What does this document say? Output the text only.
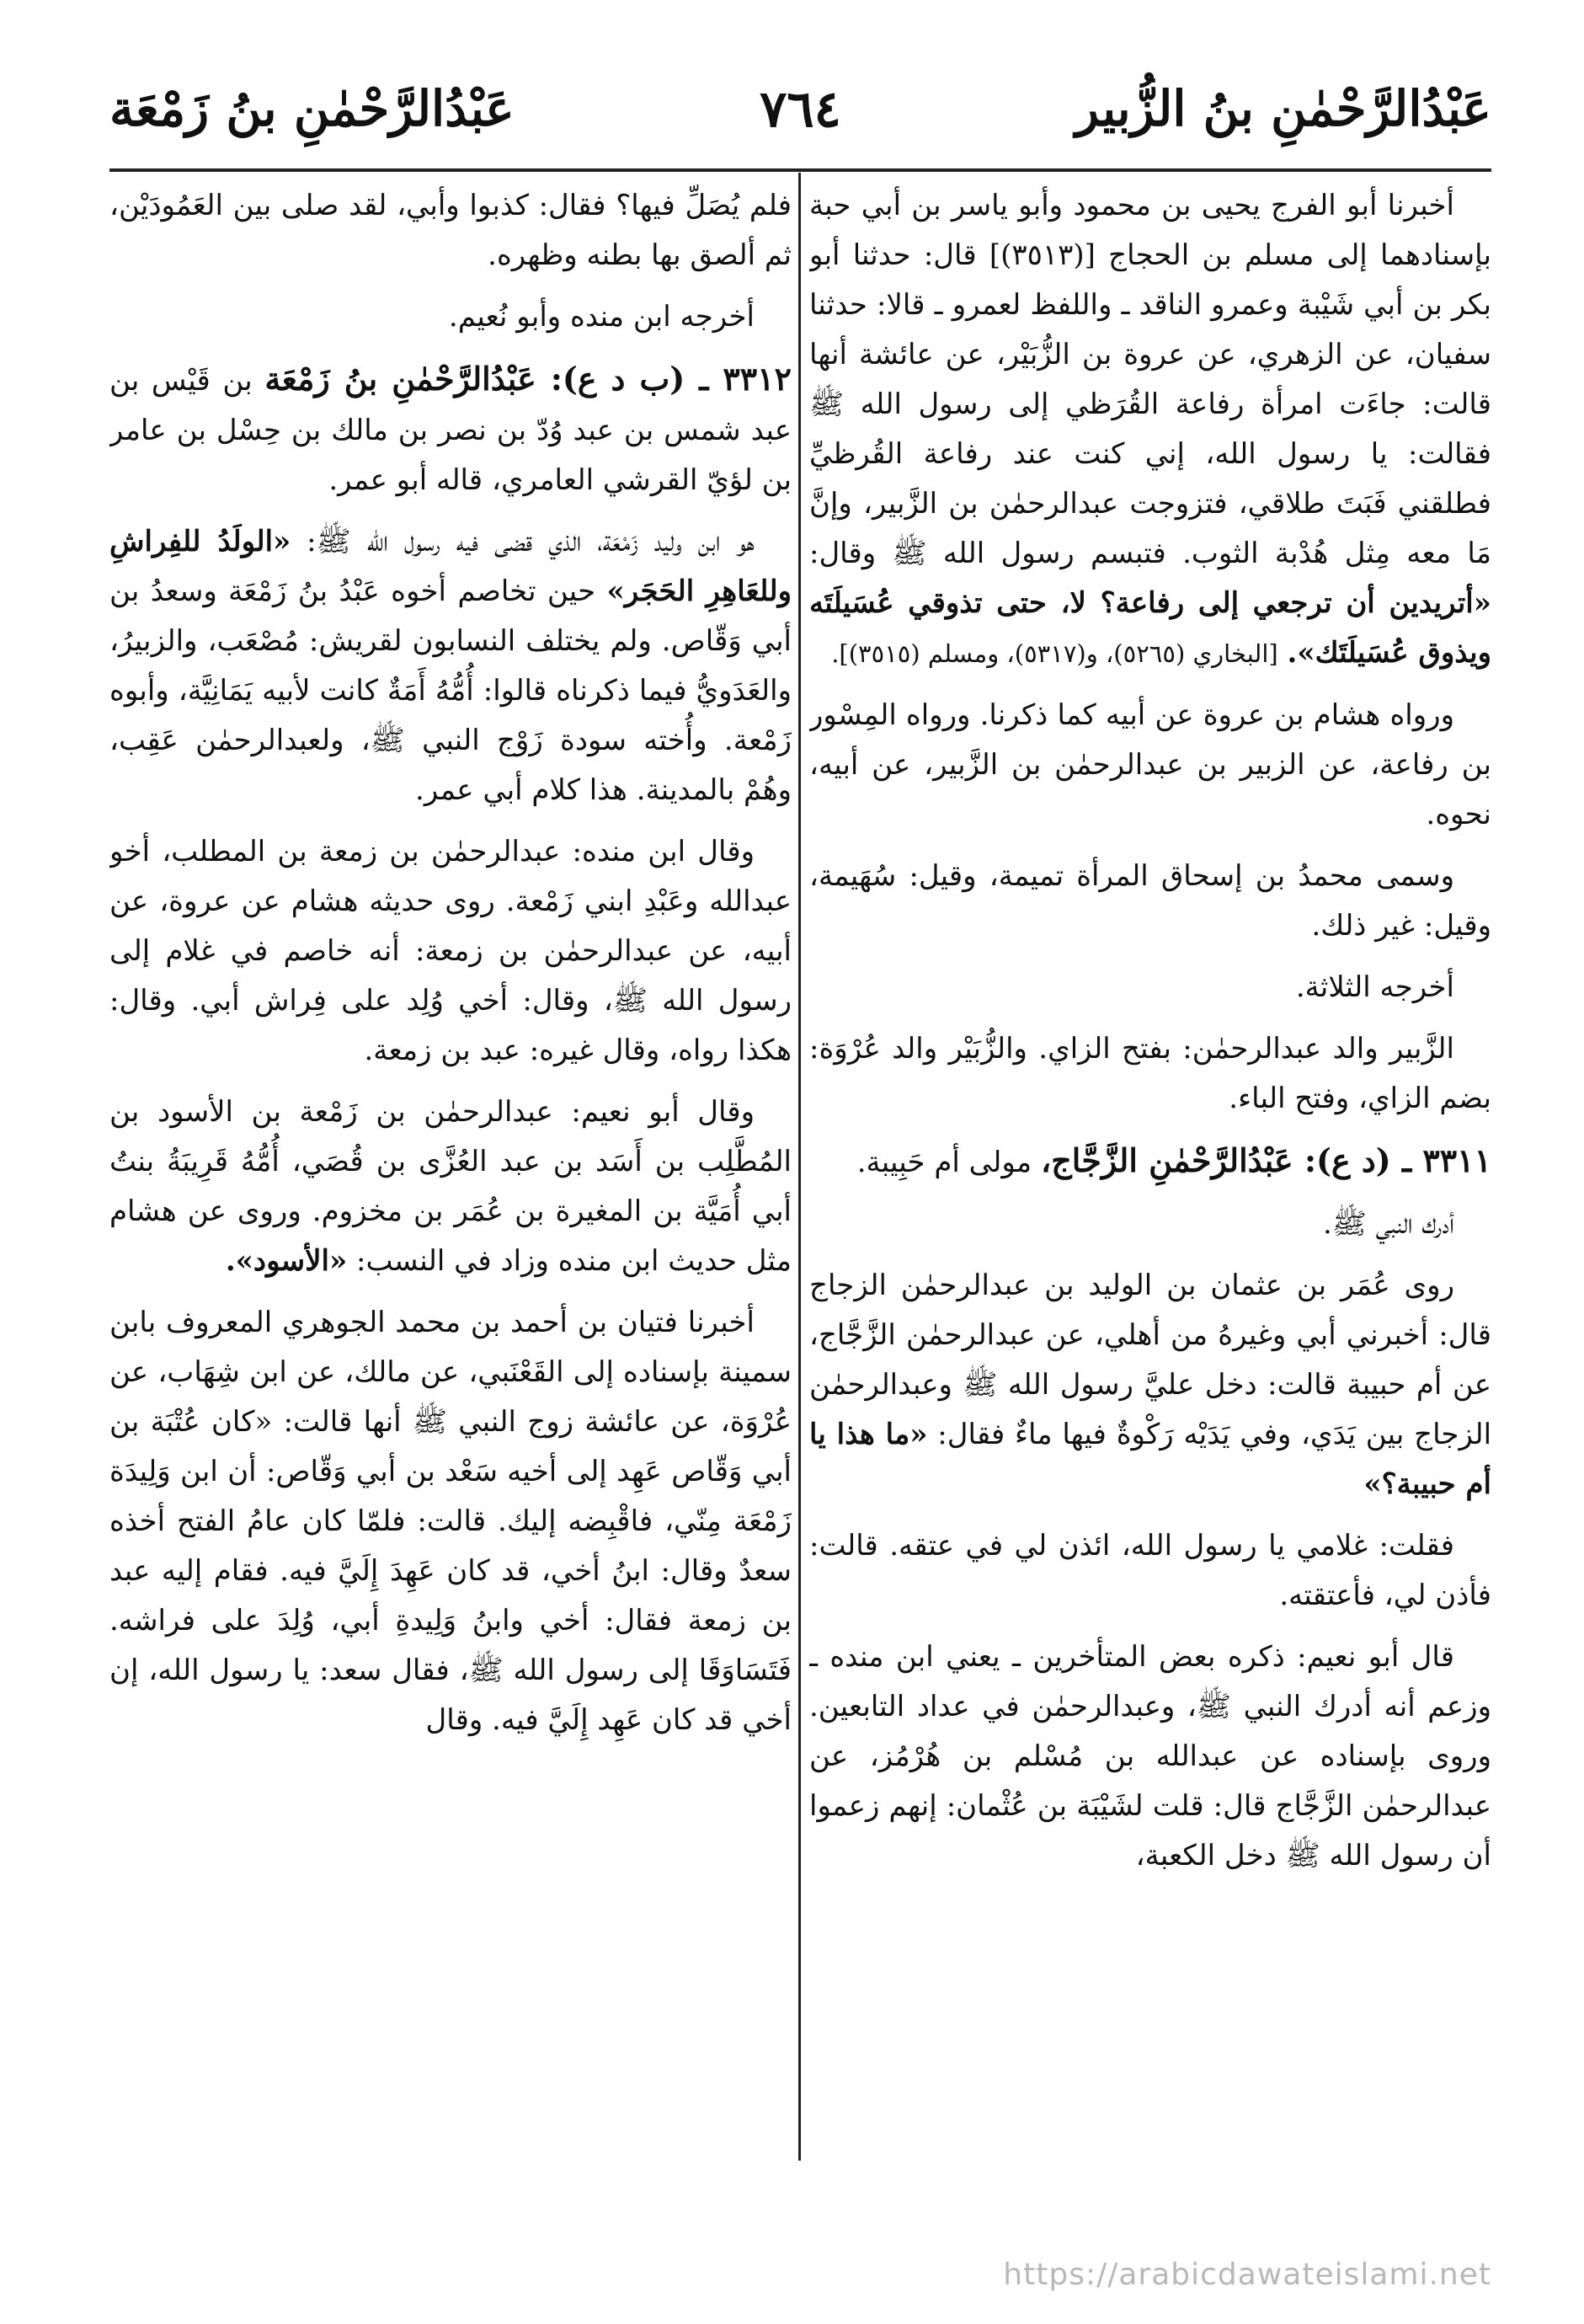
عَبْدُالرَّحْمٰنِ بنُ الزُّبير
٧٦٤
عَبْدُالرَّحْمٰنِ بنُ زَمْعَة

أخبرنا أبو الفرج يحيى بن محمود وأبو ياسر بن أبي حبة بإسنادهما إلى مسلم بن الحجاج [(٣٥١٣)] قال: حدثنا أبو بكر بن أبي شَيْبة وعمرو الناقد ـ واللفظ لعمرو ـ قالا: حدثنا سفيان، عن الزهري، عن عروة بن الزُّبَيْر، عن عائشة أنها قالت: جاءَت امرأة رفاعة القُرَظي إلى رسول الله ﷺ فقالت: يا رسول الله، إني كنت عند رفاعة القُرظيِّ فطلقني فَبَتَ طلاقي، فتزوجت عبدالرحمٰن بن الزَّبير، وإنَّ مَا معه مِثل هُدْبة الثوب. فتبسم رسول الله ﷺ وقال: «أتريدين أن ترجعي إلى رفاعة؟ لا، حتى تذوقي عُسَيلَتَه ويذوق عُسَيلَتَك». [البخاري (٥٢٦٥)، و(٥٣١٧)، ومسلم (٣٥١٥)].

ورواه هشام بن عروة عن أبيه كما ذكرنا. ورواه المِسْور بن رفاعة، عن الزبير بن عبدالرحمٰن بن الزَّبير، عن أبيه، نحوه.

وسمى محمدُ بن إسحاق المرأة تميمة، وقيل: سُهَيمة، وقيل: غير ذلك.

أخرجه الثلاثة.

الزَّبير والد عبدالرحمٰن: بفتح الزاي. والزُّبَيْر والد عُرْوَة: بضم الزاي، وفتح الباء.

٣٣١١ ـ (د ع): عَبْدُالرَّحْمٰنِ الزَّجَّاج، مولى أم حَبِيبة.

أدرك النبي ﷺ.

روى عُمَر بن عثمان بن الوليد بن عبدالرحمٰن الزجاج قال: أخبرني أبي وغيرهُ من أهلي، عن عبدالرحمٰن الزَّجَّاج، عن أم حبيبة قالت: دخل عليَّ رسول الله ﷺ وعبدالرحمٰن الزجاج بين يَدَي، وفي يَدَيْه رَكْوةٌ فيها ماءٌ فقال: «ما هذا يا أم حبيبة؟»

فقلت: غلامي يا رسول الله، ائذن لي في عتقه. قالت: فأذن لي، فأعتقته.

قال أبو نعيم: ذكره بعض المتأخرين ـ يعني ابن منده ـ وزعم أنه أدرك النبي ﷺ، وعبدالرحمٰن في عداد التابعين. وروى بإسناده عن عبدالله بن مُسْلم بن هُرْمُز، عن عبدالرحمٰن الزَّجَّاج قال: قلت لشَيْبَة بن عُثْمان: إنهم زعموا أن رسول الله ﷺ دخل الكعبة،

فلم يُصَلِّ فيها؟ فقال: كذبوا وأبي، لقد صلى بين العَمُودَيْن، ثم ألصق بها بطنه وظهره.

أخرجه ابن منده وأبو نُعيم.

٣٣١٢ ـ (ب د ع): عَبْدُالرَّحْمٰنِ بنُ زَمْعَة بن قَيْس بن عبد شمس بن عبد وُدّ بن نصر بن مالك بن حِسْل بن عامر بن لؤيّ القرشي العامري، قاله أبو عمر.

هو ابن وليد زَمْعَة، الذي قضى فيه رسول الله ﷺ: «الولَدُ للفِراشِ وللعَاهِرِ الحَجَر» حين تخاصم أخوه عَبْدُ بنُ زَمْعَة وسعدُ بن أبي وَقّاص. ولم يختلف النسابون لقريش: مُصْعَب، والزبيرُ، والعَدَويُّ فيما ذكرناه قالوا: أُمُّهُ أَمَةٌ كانت لأبيه يَمَانِيَّة، وأبوه زَمْعة. وأُخته سودة زَوْج النبي ﷺ، ولعبدالرحمٰن عَقِب، وهُمْ بالمدينة. هذا كلام أبي عمر.

وقال ابن منده: عبدالرحمٰن بن زمعة بن المطلب، أخو عبدالله وعَبْدِ ابني زَمْعة. روى حديثه هشام عن عروة، عن أبيه، عن عبدالرحمٰن بن زمعة: أنه خاصم في غلام إلى رسول الله ﷺ، وقال: أخي وُلِد على فِراش أبي. وقال: هكذا رواه، وقال غيره: عبد بن زمعة.

وقال أبو نعيم: عبدالرحمٰن بن زَمْعة بن الأسود بن المُطَّلِب بن أَسَد بن عبد العُزَّى بن قُصَي، أُمُّهُ قَرِيبَةُ بنتُ أبي أُمَيَّة بن المغيرة بن عُمَر بن مخزوم. وروى عن هشام مثل حديث ابن منده وزاد في النسب: «الأسود».

أخبرنا فتيان بن أحمد بن محمد الجوهري المعروف بابن سمينة بإسناده إلى القَعْنَبي، عن مالك، عن ابن شِهَاب، عن عُرْوَة، عن عائشة زوج النبي ﷺ أنها قالت: «كان عُتْبَة بن أبي وَقّاص عَهِد إلى أخيه سَعْد بن أبي وَقّاص: أن ابن وَلِيدَة زَمْعَة مِنّي، فاقْبِضه إليك. قالت: فلمّا كان عامُ الفتح أخذه سعدٌ وقال: ابنُ أخي، قد كان عَهِدَ إِلَيَّ فيه. فقام إليه عبد بن زمعة فقال: أخي وابنُ وَلِيدةِ أبي، وُلِدَ على فراشه. فَتَسَاوَقَا إلى رسول الله ﷺ، فقال سعد: يا رسول الله، إن أخي قد كان عَهِد إِلَيَّ فيه. وقال

https://arabicdawateislami.net
